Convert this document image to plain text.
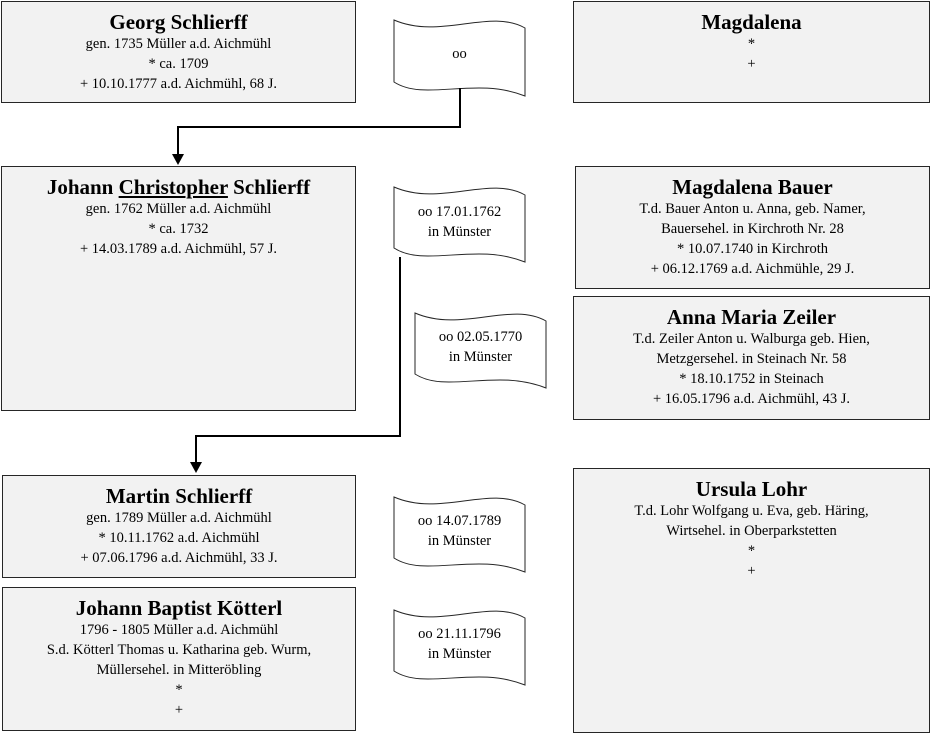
Georg Schlierff
gen. 1735 Müller a.d. Aichmühl
* ca. 1709
+ 10.10.1777 a.d. Aichmühl, 68 J.
Magdalena
*
+
Johann Christopher Schlierff
gen. 1762 Müller a.d. Aichmühl
* ca. 1732
+ 14.03.1789 a.d. Aichmühl, 57 J.
Magdalena Bauer
T.d. Bauer Anton u. Anna, geb. Namer,
Bauersehel. in Kirchroth Nr. 28
* 10.07.1740 in Kirchroth
+ 06.12.1769 a.d. Aichmühle, 29 J.
Anna Maria Zeiler
T.d. Zeiler Anton u. Walburga geb. Hien,
Metzgersehel. in Steinach Nr. 58
* 18.10.1752 in Steinach
+ 16.05.1796 a.d. Aichmühl, 43 J.
Martin Schlierff
gen. 1789 Müller a.d. Aichmühl
* 10.11.1762 a.d. Aichmühl
+ 07.06.1796 a.d. Aichmühl, 33 J.
Ursula Lohr
T.d. Lohr Wolfgang u. Eva, geb. Häring,
Wirtsehel. in Oberparkstetten
*
+
Johann Baptist Kötterl
1796 - 1805 Müller a.d. Aichmühl
S.d. Kötterl Thomas u. Katharina geb. Wurm,
Müllersehel. in Mitteröbling
*
+
oo
oo 17.01.1762
in Münster
oo 02.05.1770
in Münster
oo 14.07.1789
in Münster
oo 21.11.1796
in Münster
